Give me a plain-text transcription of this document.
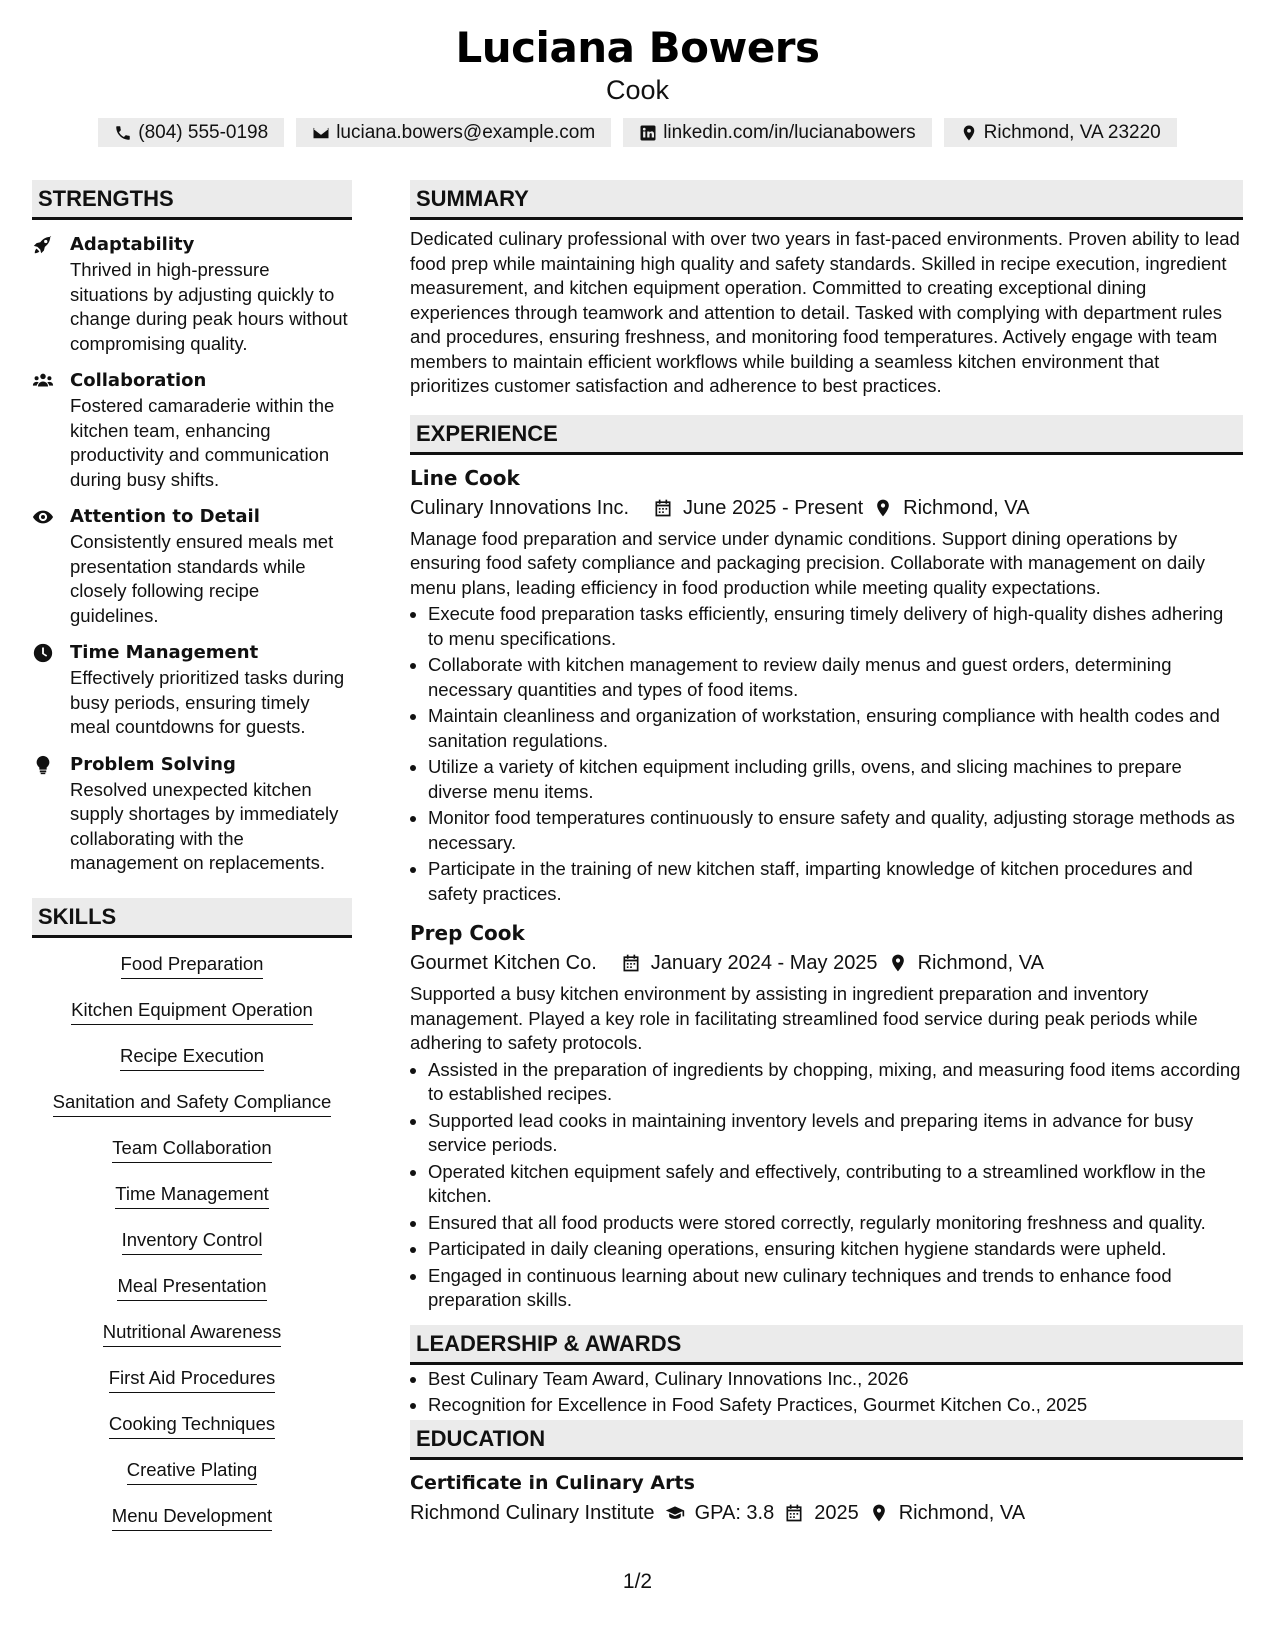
Luciana Bowers
Cook
(804) 555-0198	luciana.bowers@example.com	linkedin.com/in/lucianabowers	Richmond, VA 23220
STRENGTHS
Adaptability
Thrived in high-pressure situations by adjusting quickly to change during peak hours without compromising quality.
Collaboration
Fostered camaraderie within the kitchen team, enhancing productivity and communication during busy shifts.
Attention to Detail
Consistently ensured meals met presentation standards while closely following recipe guidelines.
Time Management
Effectively prioritized tasks during busy periods, ensuring timely meal countdowns for guests.
Problem Solving
Resolved unexpected kitchen supply shortages by immediately collaborating with the management on replacements.
SKILLS
Food Preparation
Kitchen Equipment Operation
Recipe Execution
Sanitation and Safety Compliance
Team Collaboration
Time Management
Inventory Control
Meal Presentation
Nutritional Awareness
First Aid Procedures
Cooking Techniques
Creative Plating
Menu Development
SUMMARY
Dedicated culinary professional with over two years in fast-paced environments. Proven ability to lead food prep while maintaining high quality and safety standards. Skilled in recipe execution, ingredient measurement, and kitchen equipment operation. Committed to creating exceptional dining experiences through teamwork and attention to detail. Tasked with complying with department rules and procedures, ensuring freshness, and monitoring food temperatures. Actively engage with team members to maintain efficient workflows while building a seamless kitchen environment that prioritizes customer satisfaction and adherence to best practices.
EXPERIENCE
Line Cook
Culinary Innovations Inc.	June 2025 - Present Richmond, VA
Manage food preparation and service under dynamic conditions. Support dining operations by ensuring food safety compliance and packaging precision. Collaborate with management on daily menu plans, leading efficiency in food production while meeting quality expectations.
• Execute food preparation tasks efficiently, ensuring timely delivery of high-quality dishes adhering to menu specifications.
• Collaborate with kitchen management to review daily menus and guest orders, determining necessary quantities and types of food items.
• Maintain cleanliness and organization of workstation, ensuring compliance with health codes and sanitation regulations.
• Utilize a variety of kitchen equipment including grills, ovens, and slicing machines to prepare diverse menu items.
• Monitor food temperatures continuously to ensure safety and quality, adjusting storage methods as necessary.
• Participate in the training of new kitchen staff, imparting knowledge of kitchen procedures and safety practices.
Prep Cook
Gourmet Kitchen Co.	January 2024 - May 2025 Richmond, VA
Supported a busy kitchen environment by assisting in ingredient preparation and inventory management. Played a key role in facilitating streamlined food service during peak periods while adhering to safety protocols.
• Assisted in the preparation of ingredients by chopping, mixing, and measuring food items according to established recipes.
• Supported lead cooks in maintaining inventory levels and preparing items in advance for busy service periods.
• Operated kitchen equipment safely and effectively, contributing to a streamlined workflow in the kitchen.
• Ensured that all food products were stored correctly, regularly monitoring freshness and quality.
• Participated in daily cleaning operations, ensuring kitchen hygiene standards were upheld.
• Engaged in continuous learning about new culinary techniques and trends to enhance food preparation skills.
LEADERSHIP & AWARDS
• Best Culinary Team Award, Culinary Innovations Inc., 2026
• Recognition for Excellence in Food Safety Practices, Gourmet Kitchen Co., 2025
EDUCATION
Certificate in Culinary Arts
Richmond Culinary Institute GPA: 3.8 2025 Richmond, VA
1/2
